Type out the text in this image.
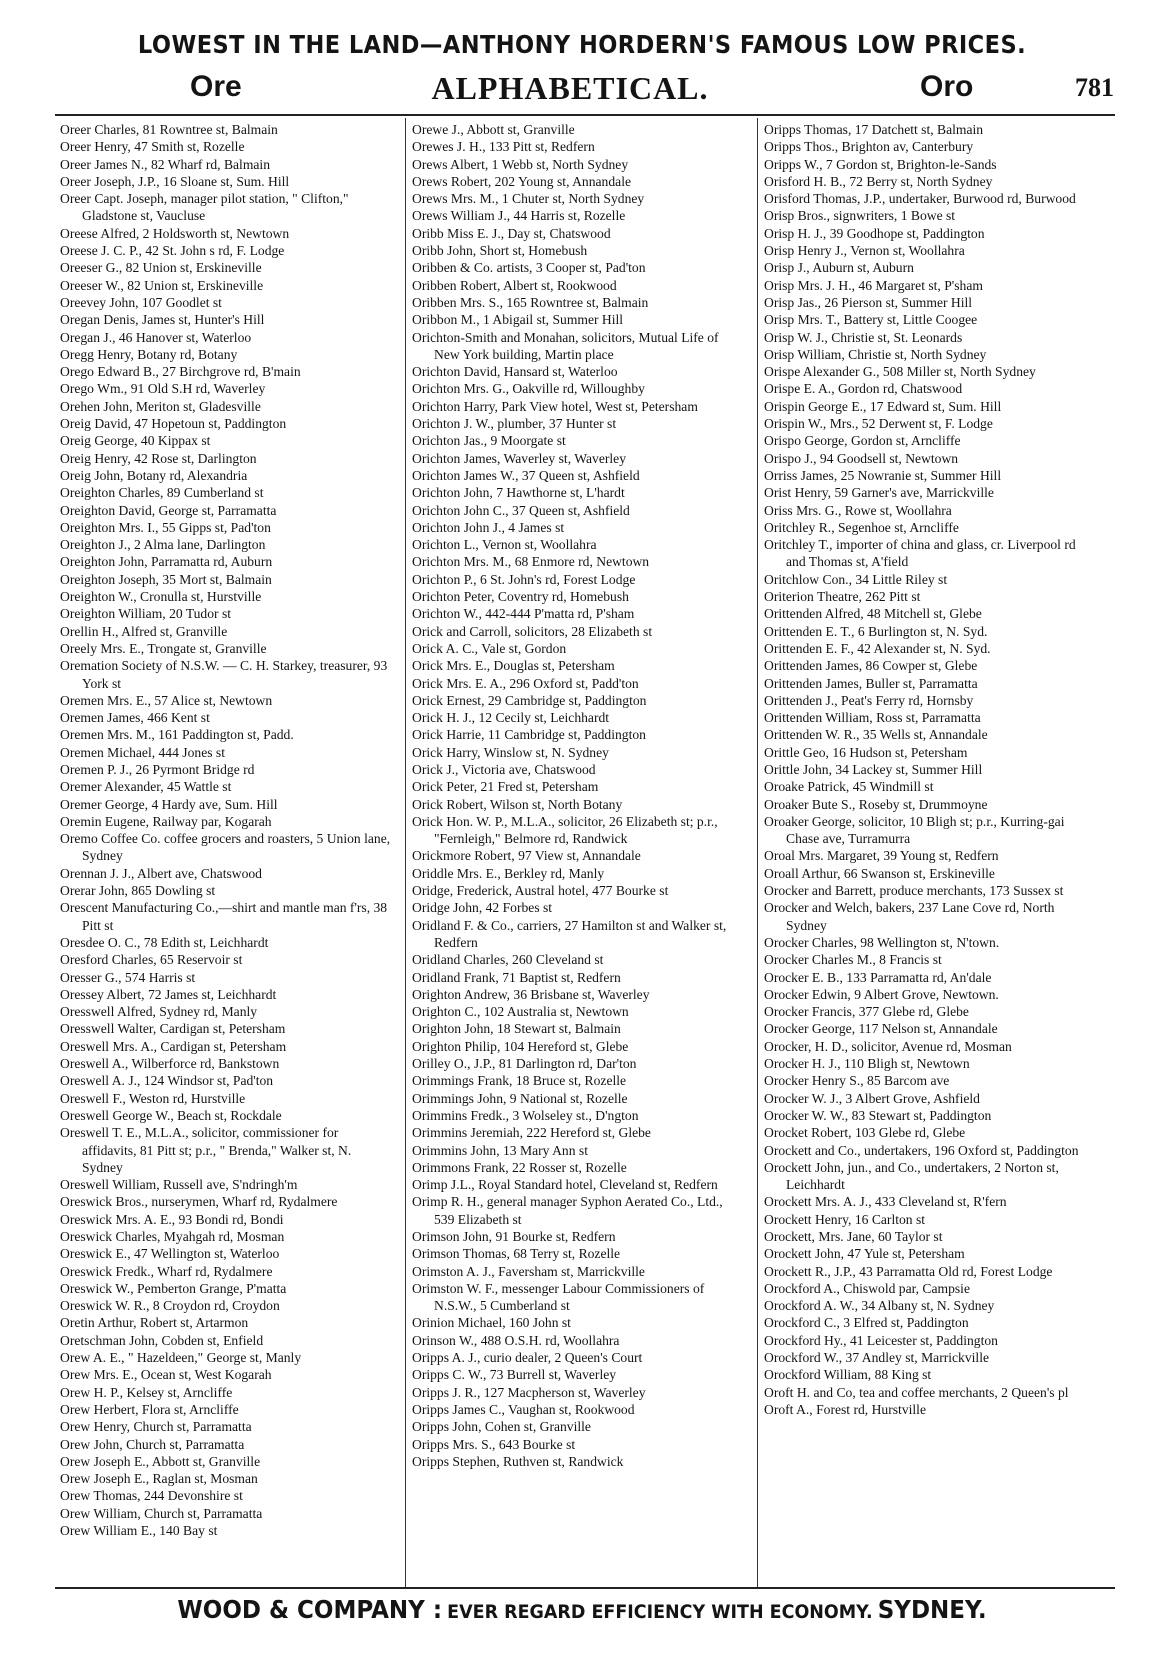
LOWEST IN THE LAND—ANTHONY HORDERN'S FAMOUS LOW PRICES.
Ore	ALPHABETICAL.	Oro	781

Oreer Charles, 81 Rowntree st, Balmain

Oreer Henry, 47 Smith st, Rozelle

Oreer James N., 82 Wharf rd, Balmain

Oreer Joseph, J.P., 16 Sloane st, Sum. Hill

Oreer Capt. Joseph, manager pilot station, " Clifton," Gladstone st, Vaucluse

Oreese Alfred, 2 Holdsworth st, Newtown

Oreese J. C. P., 42 St. John s rd, F. Lodge

Oreeser G., 82 Union st, Erskineville

Oreeser W., 82 Union st, Erskineville

Oreevey John, 107 Goodlet st

Oregan Denis, James st, Hunter's Hill

Oregan J., 46 Hanover st, Waterloo

Oregg Henry, Botany rd, Botany

Orego Edward B., 27 Birchgrove rd, B'main

Orego Wm., 91 Old S.H rd, Waverley

Orehen John, Meriton st, Gladesville

Oreig David, 47 Hopetoun st, Paddington

Oreig George, 40 Kippax st

Oreig Henry, 42 Rose st, Darlington

Oreig John, Botany rd, Alexandria

Oreighton Charles, 89 Cumberland st

Oreighton David, George st, Parramatta

Oreighton Mrs. I., 55 Gipps st, Pad'ton

Oreighton J., 2 Alma lane, Darlington

Oreighton John, Parramatta rd, Auburn

Oreighton Joseph, 35 Mort st, Balmain

Oreighton W., Cronulla st, Hurstville

Oreighton William, 20 Tudor st

Orellin H., Alfred st, Granville

Oreely Mrs. E., Trongate st, Granville

Oremation Society of N.S.W. — C. H. Starkey, treasurer, 93 York st

Oremen Mrs. E., 57 Alice st, Newtown

Oremen James, 466 Kent st

Oremen Mrs. M., 161 Paddington st, Padd.

Oremen Michael, 444 Jones st

Oremen P. J., 26 Pyrmont Bridge rd

Oremer Alexander, 45 Wattle st

Oremer George, 4 Hardy ave, Sum. Hill

Oremin Eugene, Railway par, Kogarah

Oremo Coffee Co. coffee grocers and roasters, 5 Union lane, Sydney

Orennan J. J., Albert ave, Chatswood

Orerar John, 865 Dowling st

Orescent Manufacturing Co.,—shirt and mantle man f'rs, 38 Pitt st

Oresdee O. C., 78 Edith st, Leichhardt

Oresford Charles, 65 Reservoir st

Oresser G., 574 Harris st

Oressey Albert, 72 James st, Leichhardt

Oresswell Alfred, Sydney rd, Manly

Oresswell Walter, Cardigan st, Petersham

Oreswell Mrs. A., Cardigan st, Petersham

Oreswell A., Wilberforce rd, Bankstown

Oreswell A. J., 124 Windsor st, Pad'ton

Oreswell F., Weston rd, Hurstville

Oreswell George W., Beach st, Rockdale

Oreswell T. E., M.L.A., solicitor, commissioner for affidavits, 81 Pitt st; p.r., " Brenda," Walker st, N. Sydney

Oreswell William, Russell ave, S'ndringh'm

Oreswick Bros., nurserymen, Wharf rd, Rydalmere

Oreswick Mrs. A. E., 93 Bondi rd, Bondi

Oreswick Charles, Myahgah rd, Mosman

Oreswick E., 47 Wellington st, Waterloo

Oreswick Fredk., Wharf rd, Rydalmere

Oreswick W., Pemberton Grange, P'matta

Oreswick W. R., 8 Croydon rd, Croydon

Oretin Arthur, Robert st, Artarmon

Oretschman John, Cobden st, Enfield

Orew A. E., " Hazeldeen," George st, Manly

Orew Mrs. E., Ocean st, West Kogarah

Orew H. P., Kelsey st, Arncliffe

Orew Herbert, Flora st, Arncliffe

Orew Henry, Church st, Parramatta

Orew John, Church st, Parramatta

Orew Joseph E., Abbott st, Granville

Orew Joseph E., Raglan st, Mosman

Orew Thomas, 244 Devonshire st

Orew William, Church st, Parramatta

Orew William E., 140 Bay st

Orewe J., Abbott st, Granville

Orewes J. H., 133 Pitt st, Redfern

Orews Albert, 1 Webb st, North Sydney

Orews Robert, 202 Young st, Annandale

Orews Mrs. M., 1 Chuter st, North Sydney

Orews William J., 44 Harris st, Rozelle

Oribb Miss E. J., Day st, Chatswood

Oribb John, Short st, Homebush

Oribben & Co. artists, 3 Cooper st, Pad'ton

Oribben Robert, Albert st, Rookwood

Oribben Mrs. S., 165 Rowntree st, Balmain

Oribbon M., 1 Abigail st, Summer Hill

Orichton-Smith and Monahan, solicitors, Mutual Life of New York building, Martin place

Orichton David, Hansard st, Waterloo

Orichton Mrs. G., Oakville rd, Willoughby

Orichton Harry, Park View hotel, West st, Petersham

Orichton J. W., plumber, 37 Hunter st

Orichton Jas., 9 Moorgate st

Orichton James, Waverley st, Waverley

Orichton James W., 37 Queen st, Ashfield

Orichton John, 7 Hawthorne st, L'hardt

Orichton John C., 37 Queen st, Ashfield

Orichton John J., 4 James st

Orichton L., Vernon st, Woollahra

Orichton Mrs. M., 68 Enmore rd, Newtown

Orichton P., 6 St. John's rd, Forest Lodge

Orichton Peter, Coventry rd, Homebush

Orichton W., 442-444 P'matta rd, P'sham

Orick and Carroll, solicitors, 28 Elizabeth st

Orick A. C., Vale st, Gordon

Orick Mrs. E., Douglas st, Petersham

Orick Mrs. E. A., 296 Oxford st, Padd'ton

Orick Ernest, 29 Cambridge st, Paddington

Orick H. J., 12 Cecily st, Leichhardt

Orick Harrie, 11 Cambridge st, Paddington

Orick Harry, Winslow st, N. Sydney

Orick J., Victoria ave, Chatswood

Orick Peter, 21 Fred st, Petersham

Orick Robert, Wilson st, North Botany

Orick Hon. W. P., M.L.A., solicitor, 26 Elizabeth st; p.r., "Fernleigh," Belmore rd, Randwick

Orickmore Robert, 97 View st, Annandale

Oriddle Mrs. E., Berkley rd, Manly

Oridge, Frederick, Austral hotel, 477 Bourke st

Oridge John, 42 Forbes st

Oridland F. & Co., carriers, 27 Hamilton st and Walker st, Redfern

Oridland Charles, 260 Cleveland st

Oridland Frank, 71 Baptist st, Redfern

Orighton Andrew, 36 Brisbane st, Waverley

Orighton C., 102 Australia st, Newtown

Orighton John, 18 Stewart st, Balmain

Orighton Philip, 104 Hereford st, Glebe

Orilley O., J.P., 81 Darlington rd, Dar'ton

Orimmings Frank, 18 Bruce st, Rozelle

Orimmings John, 9 National st, Rozelle

Orimmins Fredk., 3 Wolseley st., D'ngton

Orimmins Jeremiah, 222 Hereford st, Glebe

Orimmins John, 13 Mary Ann st

Orimmons Frank, 22 Rosser st, Rozelle

Orimp J.L., Royal Standard hotel, Cleveland st, Redfern

Orimp R. H., general manager Syphon Aerated Co., Ltd., 539 Elizabeth st

Orimson John, 91 Bourke st, Redfern

Orimson Thomas, 68 Terry st, Rozelle

Orimston A. J., Faversham st, Marrickville

Orimston W. F., messenger Labour Commissioners of N.S.W., 5 Cumberland st

Orinion Michael, 160 John st

Orinson W., 488 O.S.H. rd, Woollahra

Oripps A. J., curio dealer, 2 Queen's Court

Oripps C. W., 73 Burrell st, Waverley

Oripps J. R., 127 Macpherson st, Waverley

Oripps James C., Vaughan st, Rookwood

Oripps John, Cohen st, Granville

Oripps Mrs. S., 643 Bourke st

Oripps Stephen, Ruthven st, Randwick

Oripps Thomas, 17 Datchett st, Balmain

Oripps Thos., Brighton av, Canterbury

Oripps W., 7 Gordon st, Brighton-le-Sands

Orisford H. B., 72 Berry st, North Sydney

Orisford Thomas, J.P., undertaker, Burwood rd, Burwood

Orisp Bros., signwriters, 1 Bowe st

Orisp H. J., 39 Goodhope st, Paddington

Orisp Henry J., Vernon st, Woollahra

Orisp J., Auburn st, Auburn

Orisp Mrs. J. H., 46 Margaret st, P'sham

Orisp Jas., 26 Pierson st, Summer Hill

Orisp Mrs. T., Battery st, Little Coogee

Orisp W. J., Christie st, St. Leonards

Orisp William, Christie st, North Sydney

Orispe Alexander G., 508 Miller st, North Sydney

Orispe E. A., Gordon rd, Chatswood

Orispin George E., 17 Edward st, Sum. Hill

Orispin W., Mrs., 52 Derwent st, F. Lodge

Orispo George, Gordon st, Arncliffe

Orispo J., 94 Goodsell st, Newtown

Orriss James, 25 Nowranie st, Summer Hill

Orist Henry, 59 Garner's ave, Marrickville

Oriss Mrs. G., Rowe st, Woollahra

Oritchley R., Segenhoe st, Arncliffe

Oritchley T., importer of china and glass, cr. Liverpool rd and Thomas st, A'field

Oritchlow Con., 34 Little Riley st

Oriterion Theatre, 262 Pitt st

Orittenden Alfred, 48 Mitchell st, Glebe

Orittenden E. T., 6 Burlington st, N. Syd.

Orittenden E. F., 42 Alexander st, N. Syd.

Orittenden James, 86 Cowper st, Glebe

Orittenden James, Buller st, Parramatta

Orittenden J., Peat's Ferry rd, Hornsby

Orittenden William, Ross st, Parramatta

Orittenden W. R., 35 Wells st, Annandale

Orittle Geo, 16 Hudson st, Petersham

Orittle John, 34 Lackey st, Summer Hill

Oroake Patrick, 45 Windmill st

Oroaker Bute S., Roseby st, Drummoyne

Oroaker George, solicitor, 10 Bligh st; p.r., Kurring-gai Chase ave, Turramurra

Oroal Mrs. Margaret, 39 Young st, Redfern

Oroall Arthur, 66 Swanson st, Erskineville

Orocker and Barrett, produce merchants, 173 Sussex st

Orocker and Welch, bakers, 237 Lane Cove rd, North Sydney

Orocker Charles, 98 Wellington st, N'town.

Orocker Charles M., 8 Francis st

Orocker E. B., 133 Parramatta rd, An'dale

Orocker Edwin, 9 Albert Grove, Newtown.

Orocker Francis, 377 Glebe rd, Glebe

Orocker George, 117 Nelson st, Annandale

Orocker, H. D., solicitor, Avenue rd, Mosman

Orocker H. J., 110 Bligh st, Newtown

Orocker Henry S., 85 Barcom ave

Orocker W. J., 3 Albert Grove, Ashfield

Orocker W. W., 83 Stewart st, Paddington

Orocket Robert, 103 Glebe rd, Glebe

Orockett and Co., undertakers, 196 Oxford st, Paddington

Orockett John, jun., and Co., undertakers, 2 Norton st, Leichhardt

Orockett Mrs. A. J., 433 Cleveland st, R'fern

Orockett Henry, 16 Carlton st

Orockett, Mrs. Jane, 60 Taylor st

Orockett John, 47 Yule st, Petersham

Orockett R., J.P., 43 Parramatta Old rd, Forest Lodge

Orockford A., Chiswold par, Campsie

Orockford A. W., 34 Albany st, N. Sydney

Orockford C., 3 Elfred st, Paddington

Orockford Hy., 41 Leicester st, Paddington

Orockford W., 37 Andley st, Marrickville

Orockford William, 88 King st

Oroft H. and Co, tea and coffee merchants, 2 Queen's pl

Oroft A., Forest rd, Hurstville

WOOD & COMPANY : EVER REGARD EFFICIENCY WITH ECONOMY. SYDNEY.
